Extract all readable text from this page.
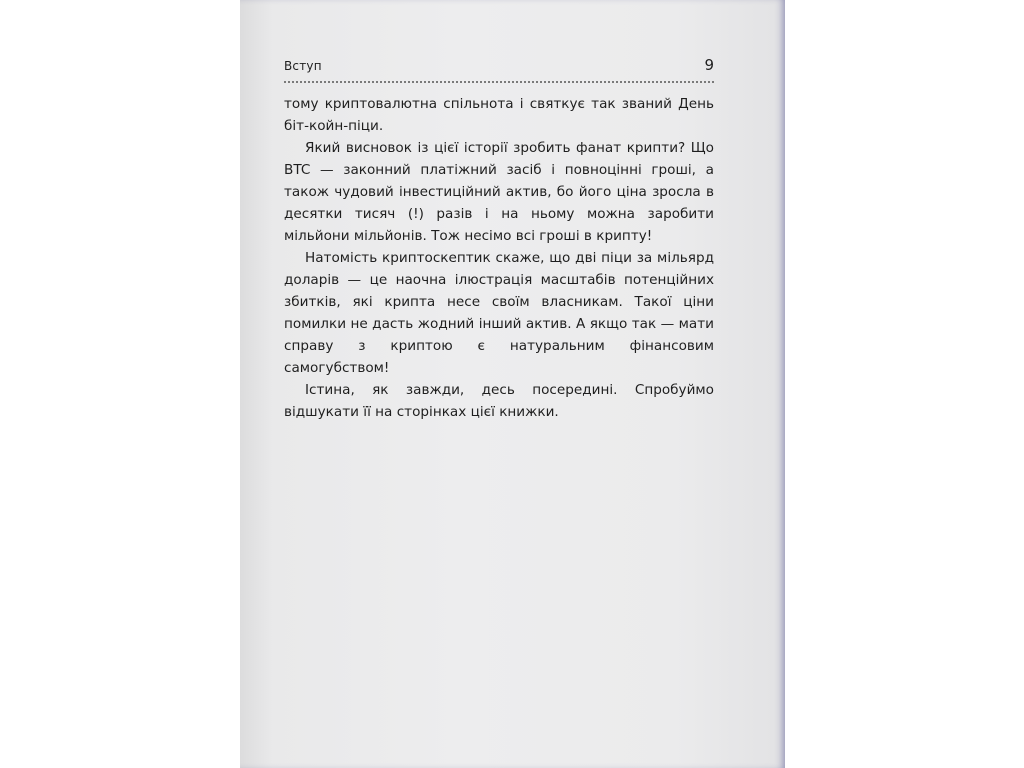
Вступ	9

тому криптовалютна спільнота і святкує так званий День біт-койн-піци.

Який висновок із цієї історії зробить фанат крипти? Що BTC — законний платіжний засіб і повноцінні гроші, а також чудовий інвестиційний актив, бо його ціна зросла в десятки тисяч (!) разів і на ньому можна заробити мільйони мільйонів. Тож несімо всі гроші в крипту!

Натомість криптоскептик скаже, що дві піци за мільярд доларів — це наочна ілюстрація масштабів потенційних збитків, які крипта несе своїм власникам. Такої ціни помилки не дасть жодний інший актив. А якщо так — мати справу з криптою є натуральним фінансовим самогубством!

Істина, як завжди, десь посередині. Спробуймо відшукати її на сторінках цієї книжки.
